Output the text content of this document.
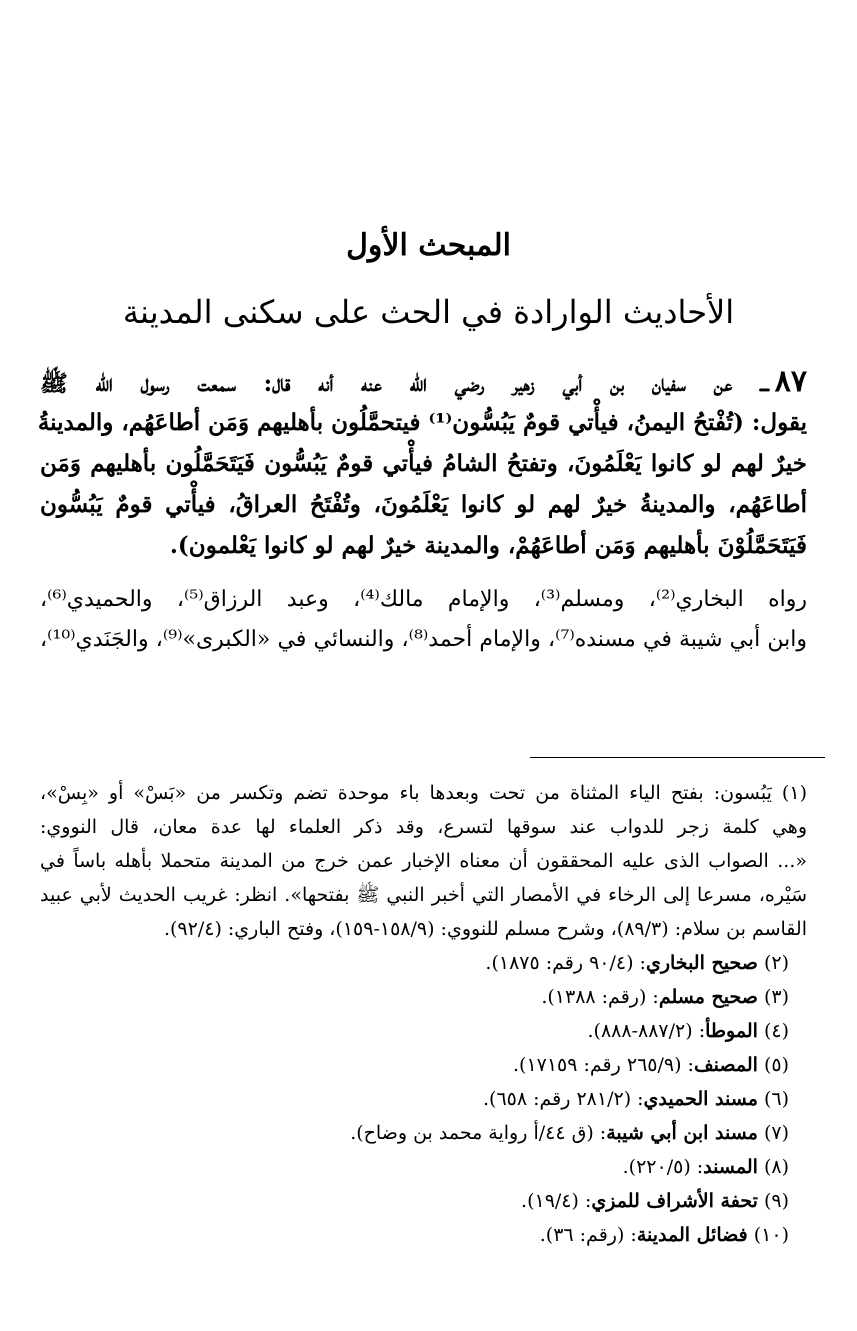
المبحث الأول
الأحاديث الوارادة في الحث على سكنى المدينة
٨٧ـــ عن سفيان بن أبي زهير رضي الله عنه أنه قال: سمعت رسول الله ﷺ
يقول: (تُفْتحُ اليمنُ، فيأْتي قومٌ يَبُسُّون⁽¹⁾ فيتحمَّلُون بأهليهم وَمَن أطاعَهُم، والمدينةُ
خيرٌ لهم لو كانوا يَعْلَمُونَ، وتفتحُ الشامُ فيأْتي قومٌ يَبُسُّون فَيَتَحَمَّلُون بأهليهم وَمَن
أطاعَهُم، والمدينةُ خيرٌ لهم لو كانوا يَعْلَمُونَ، وتُفْتَحُ العراقُ، فيأْتي قومٌ يَبُسُّون
فَيَتَحَمَّلُوْنَ بأهليهم وَمَن أطاعَهُمْ، والمدينة خيرٌ لهم لو كانوا يَعْلمون).
رواه البخاري⁽²⁾، ومسلم⁽³⁾، والإمام مالك⁽⁴⁾، وعبد الرزاق⁽⁵⁾، والحميدي⁽⁶⁾،
وابن أبي شيبة في مسنده⁽⁷⁾، والإمام أحمد⁽⁸⁾، والنسائي في «الكبرى»⁽⁹⁾، والجَنَدي⁽¹⁰⁾،
(١) يَبُسون: بفتح الياء المثناة من تحت وبعدها باء موحدة تضم وتكسر من «بَسْ» أو «بِسْ»،
وهي كلمة زجر للدواب عند سوقها لتسرع، وقد ذكر العلماء لها عدة معان، قال النووي:
«... الصواب الذى عليه المحققون أن معناه الإخبار عمن خرج من المدينة متحملا بأهله باساً في
سَيْره، مسرعا إلى الرخاء في الأمصار التي أخبر النبي ﷺ بفتحها». انظر: غريب الحديث لأبي عبيد
القاسم بن سلام: (٨٩/٣)، وشرح مسلم للنووي: (١٥٨/٩-١٥٩)، وفتح الباري: (٩٢/٤).
(٢) صحيح البخاري: (٩٠/٤ رقم: ١٨٧٥).
(٣) صحيح مسلم: (رقم: ١٣٨٨).
(٤) الموطأ: (٨٨٧/٢-٨٨٨).
(٥) المصنف: (٢٦٥/٩ رقم: ١٧١٥٩).
(٦) مسند الحميدي: (٢٨١/٢ رقم: ٦٥٨).
(٧) مسند ابن أبي شيبة: (ق ٤٤/أ رواية محمد بن وضاح).
(٨) المسند: (٢٢٠/٥).
(٩) تحفة الأشراف للمزي: (١٩/٤).
(١٠) فضائل المدينة: (رقم: ٣٦).
